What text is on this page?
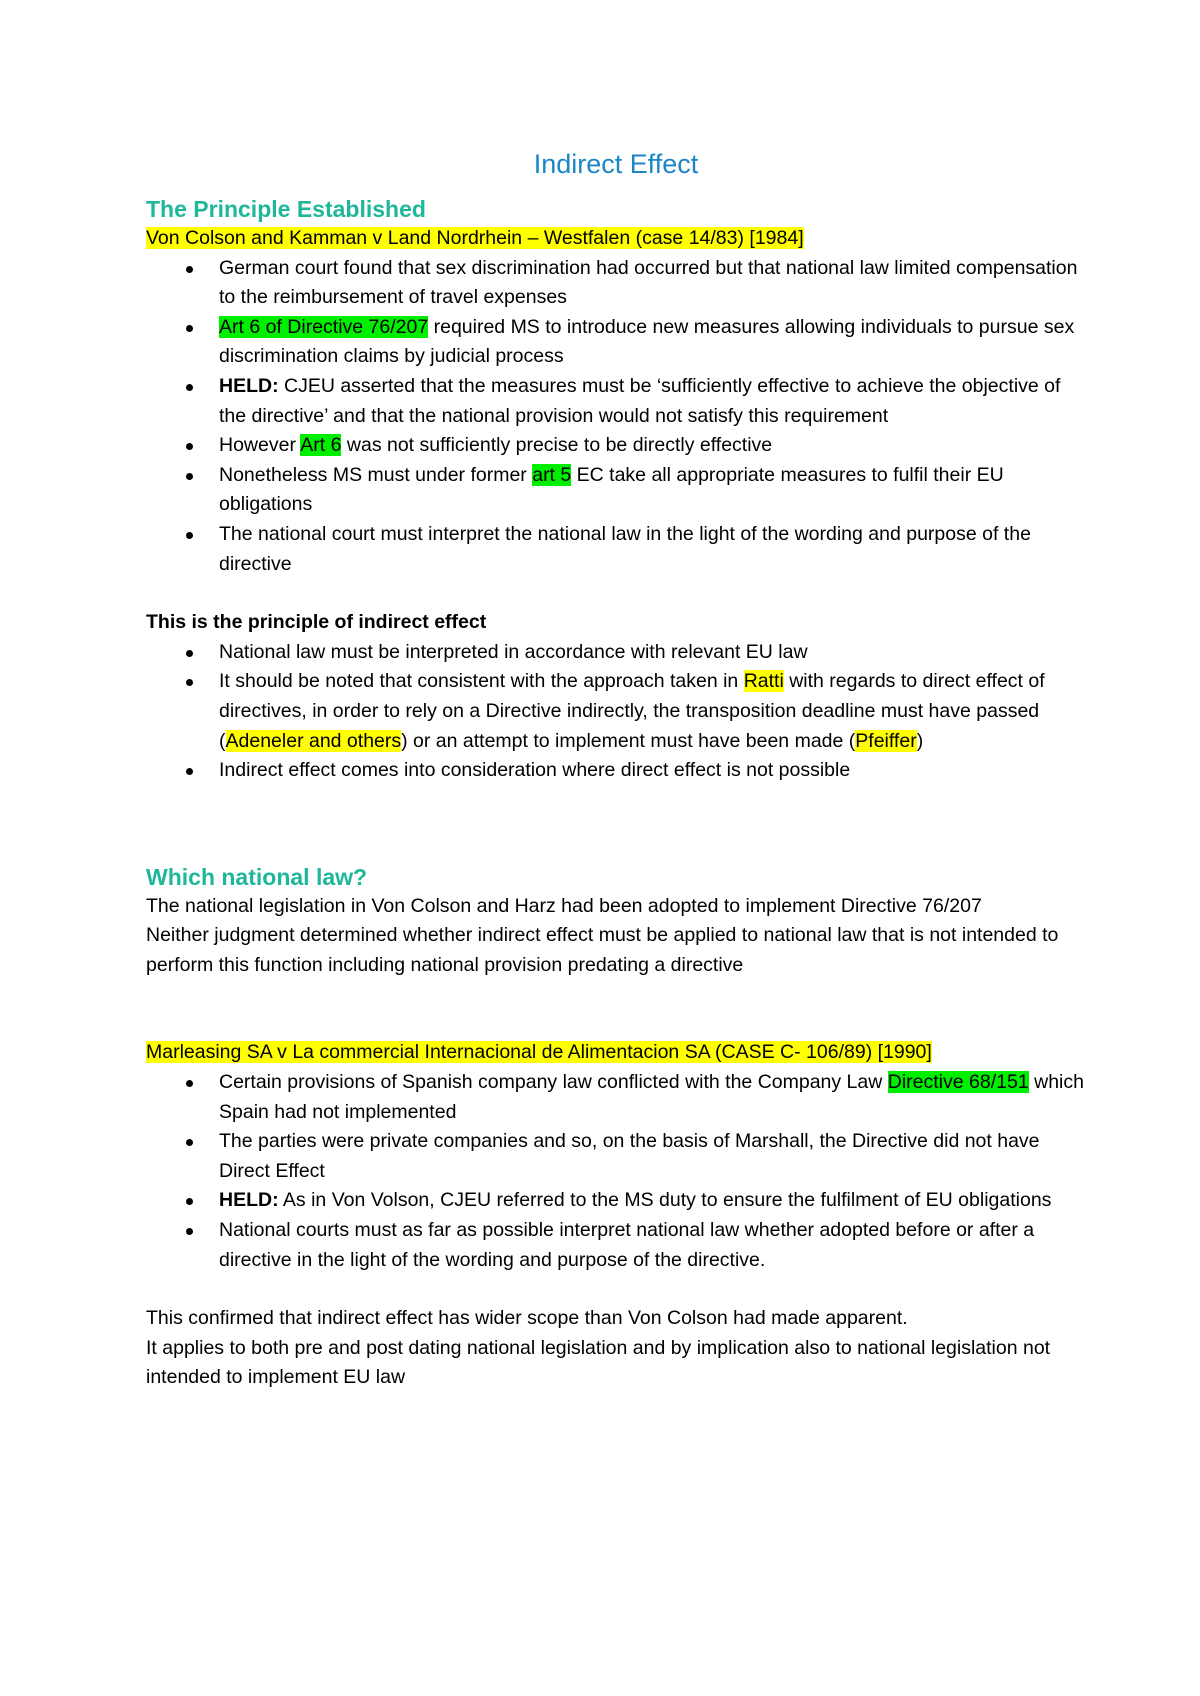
Indirect Effect
The Principle Established

Von Colson and Kamman v Land Nordrhein – Westfalen (case 14/83) [1984]

German court found that sex discrimination had occurred but that national law limited compensation to the reimbursement of travel expenses
Art 6 of Directive 76/207 required MS to introduce new measures allowing individuals to pursue sex discrimination claims by judicial process
HELD: CJEU asserted that the measures must be ‘sufficiently effective to achieve the objective of the directive’ and that the national provision would not satisfy this requirement
However Art 6 was not sufficiently precise to be directly effective
Nonetheless MS must under former art 5 EC take all appropriate measures to fulfil their EU obligations
The national court must interpret the national law in the light of the wording and purpose of the directive

This is the principle of indirect effect

National law must be interpreted in accordance with relevant EU law
It should be noted that consistent with the approach taken in Ratti with regards to direct effect of directives, in order to rely on a Directive indirectly, the transposition deadline must have passed (Adeneler and others) or an attempt to implement must have been made (Pfeiffer)
Indirect effect comes into consideration where direct effect is not possible
Which national law?

The national legislation in Von Colson and Harz had been adopted to implement Directive 76/207

Neither judgment determined whether indirect effect must be applied to national law that is not intended to perform this function including national provision predating a directive

Marleasing SA v La commercial Internacional de Alimentacion SA (CASE C- 106/89) [1990]

Certain provisions of Spanish company law conflicted with the Company Law Directive 68/151 which Spain had not implemented
The parties were private companies and so, on the basis of Marshall, the Directive did not have Direct Effect
HELD: As in Von Volson, CJEU referred to the MS duty to ensure the fulfilment of EU obligations
National courts must as far as possible interpret national law whether adopted before or after a directive in the light of the wording and purpose of the directive.

This confirmed that indirect effect has wider scope than Von Colson had made apparent.

It applies to both pre and post dating national legislation and by implication also to national legislation not intended to implement EU law
